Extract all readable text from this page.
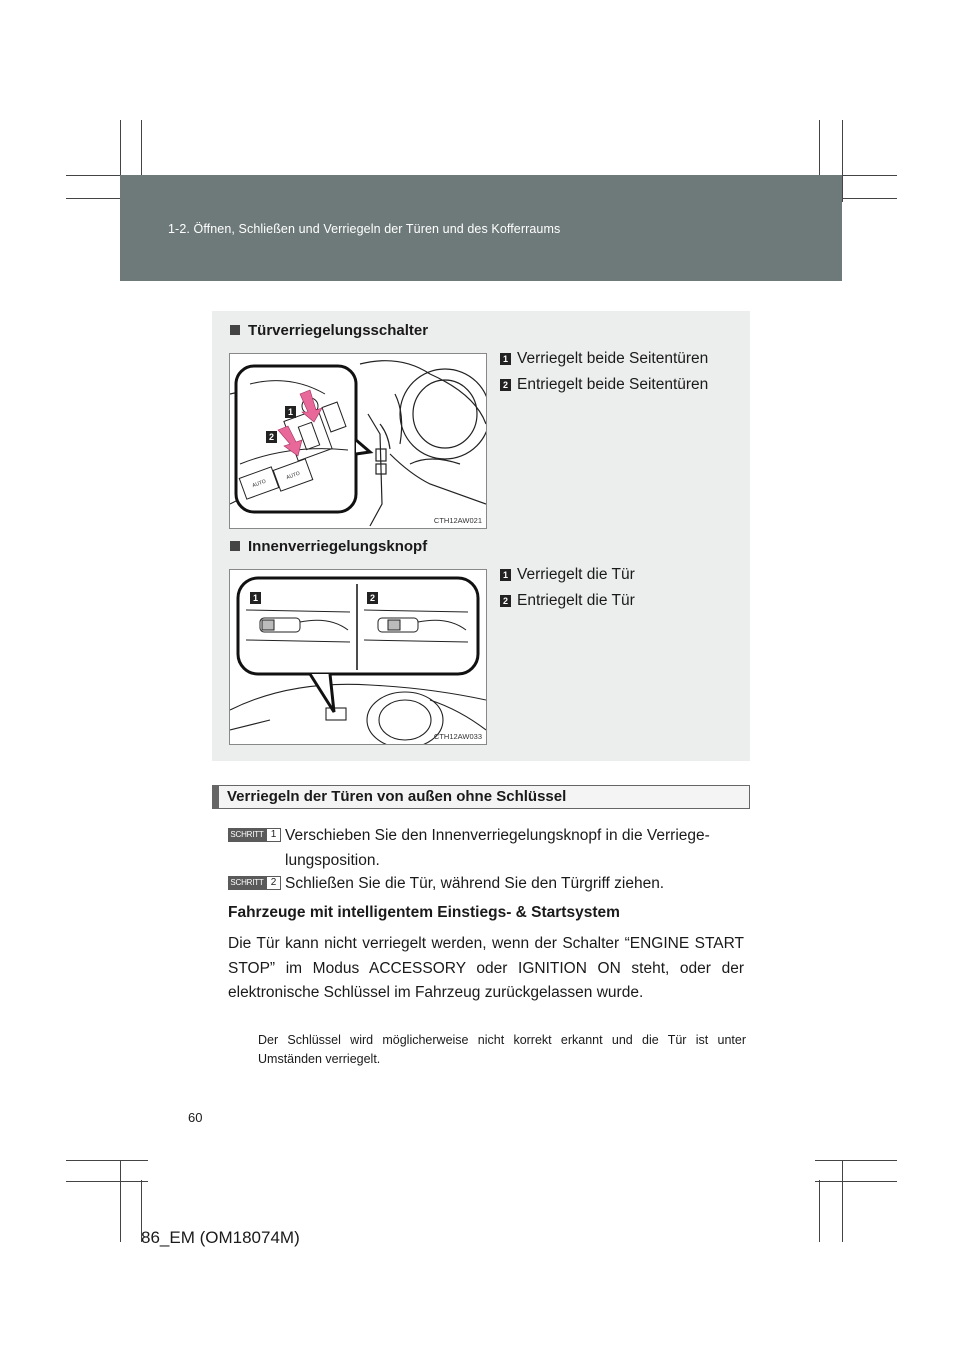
1-2. Öffnen, Schließen und Verriegeln der Türen und des Kofferraums
Türverriegelungsschalter
AUTO
AUTO
1
2
CTH12AW021
1 Verriegelt beide Seitentüren
2 Entriegelt beide Seitentüren
Innenverriegelungsknopf
1	2
CTH12AW033
1 Verriegelt die Tür
2 Entriegelt die Tür
Verriegeln der Türen von außen ohne Schlüssel
SCHRITT 1 Verschieben Sie den Innenverriegelungsknopf in die Verriege-lungsposition.
SCHRITT 2 Schließen Sie die Tür, während Sie den Türgriff ziehen.
Fahrzeuge mit intelligentem Einstiegs- & Startsystem
Die Tür kann nicht verriegelt werden, wenn der Schalter “ENGINE START STOP” im Modus ACCESSORY oder IGNITION ON steht, oder der elektronische Schlüssel im Fahrzeug zurückgelassen wurde.
Der Schlüssel wird möglicherweise nicht korrekt erkannt und die Tür ist unter Umständen verriegelt.
60
86_EM (OM18074M)
